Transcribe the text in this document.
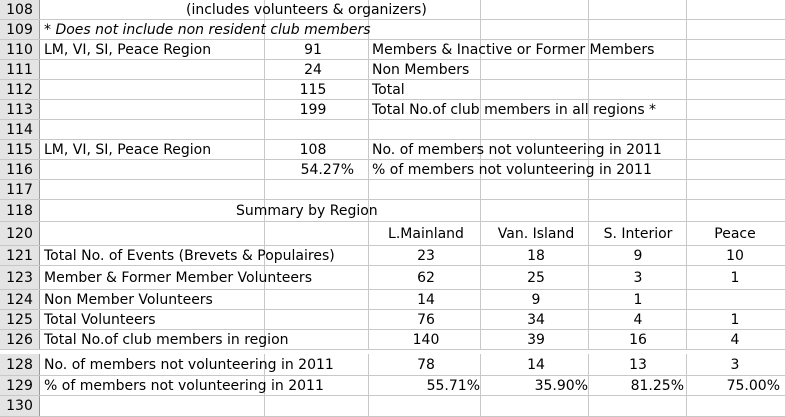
108	(includes volunteers & organizers)
109 * Does not include non resident club members
110 LM, VI, SI, Peace Region	91	Members & Inactive or Former Members
111	24	Non Members
112	115	Total
113	199	Total No.of club members in all regions *
114
115 LM, VI, SI, Peace Region	108	No. of members not volunteering in 2011
116	54.27% % of members not volunteering in 2011
117
118	Summary by Region
120	L.Mainland	Van. Island	S. Interior	Peace
121 Total No. of Events (Brevets & Populaires)	23	18	9	10
123 Member & Former Member Volunteers	62	25	3	1
124 Non Member Volunteers	14	9	1
125 Total Volunteers	76	34	4	1
126 Total No.of club members in region	140	39	16	4
128 No. of members not volunteering in 2011	78	14	13	3
129 % of members not volunteering in 2011	55.71%	35.90%	81.25%	75.00%
130
